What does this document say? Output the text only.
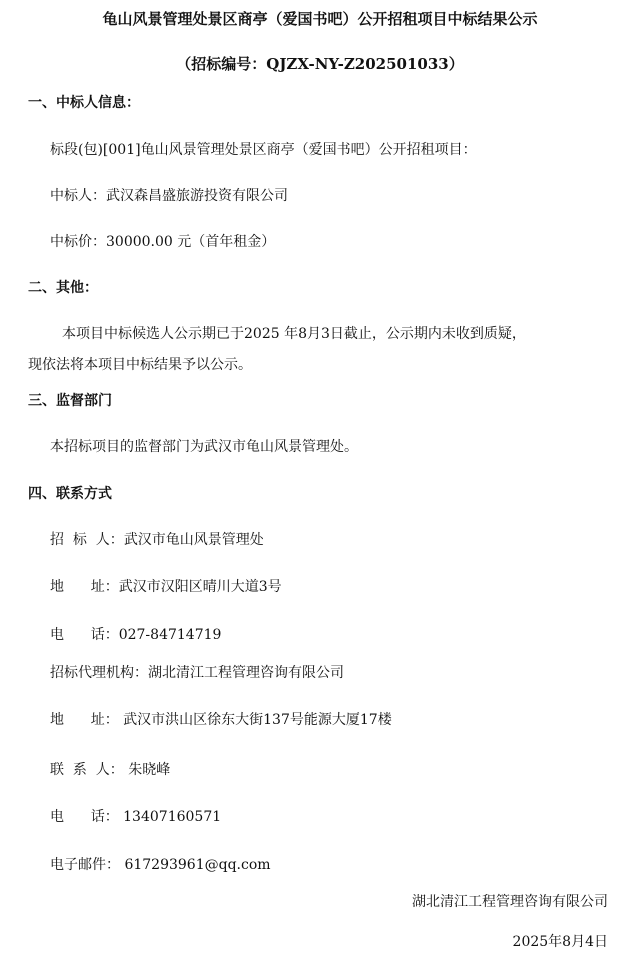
龟山风景管理处景区商亭（爱国书吧）公开招租项目中标结果公示
（招标编号：QJZX-NY-Z202501033）
一、中标人信息：
标段(包)[001]龟山风景管理处景区商亭（爱国书吧）公开招租项目：
中标人：武汉森昌盛旅游投资有限公司
中标价：30000.00 元（首年租金）
二、其他：
本项目中标候选人公示期已于2025 年8月3日截止，公示期内未收到质疑，
现依法将本项目中标结果予以公示。
三、监督部门
本招标项目的监督部门为武汉市龟山风景管理处。
四、联系方式
招  标  人：武汉市龟山风景管理处
地      址：武汉市汉阳区晴川大道3号
电      话：027-84714719
招标代理机构：湖北清江工程管理咨询有限公司
地      址： 武汉市洪山区徐东大街137号能源大厦17楼
联  系  人： 朱晓峰
电      话： 13407160571
电子邮件： 617293961@qq.com
湖北清江工程管理咨询有限公司
2025年8月4日
